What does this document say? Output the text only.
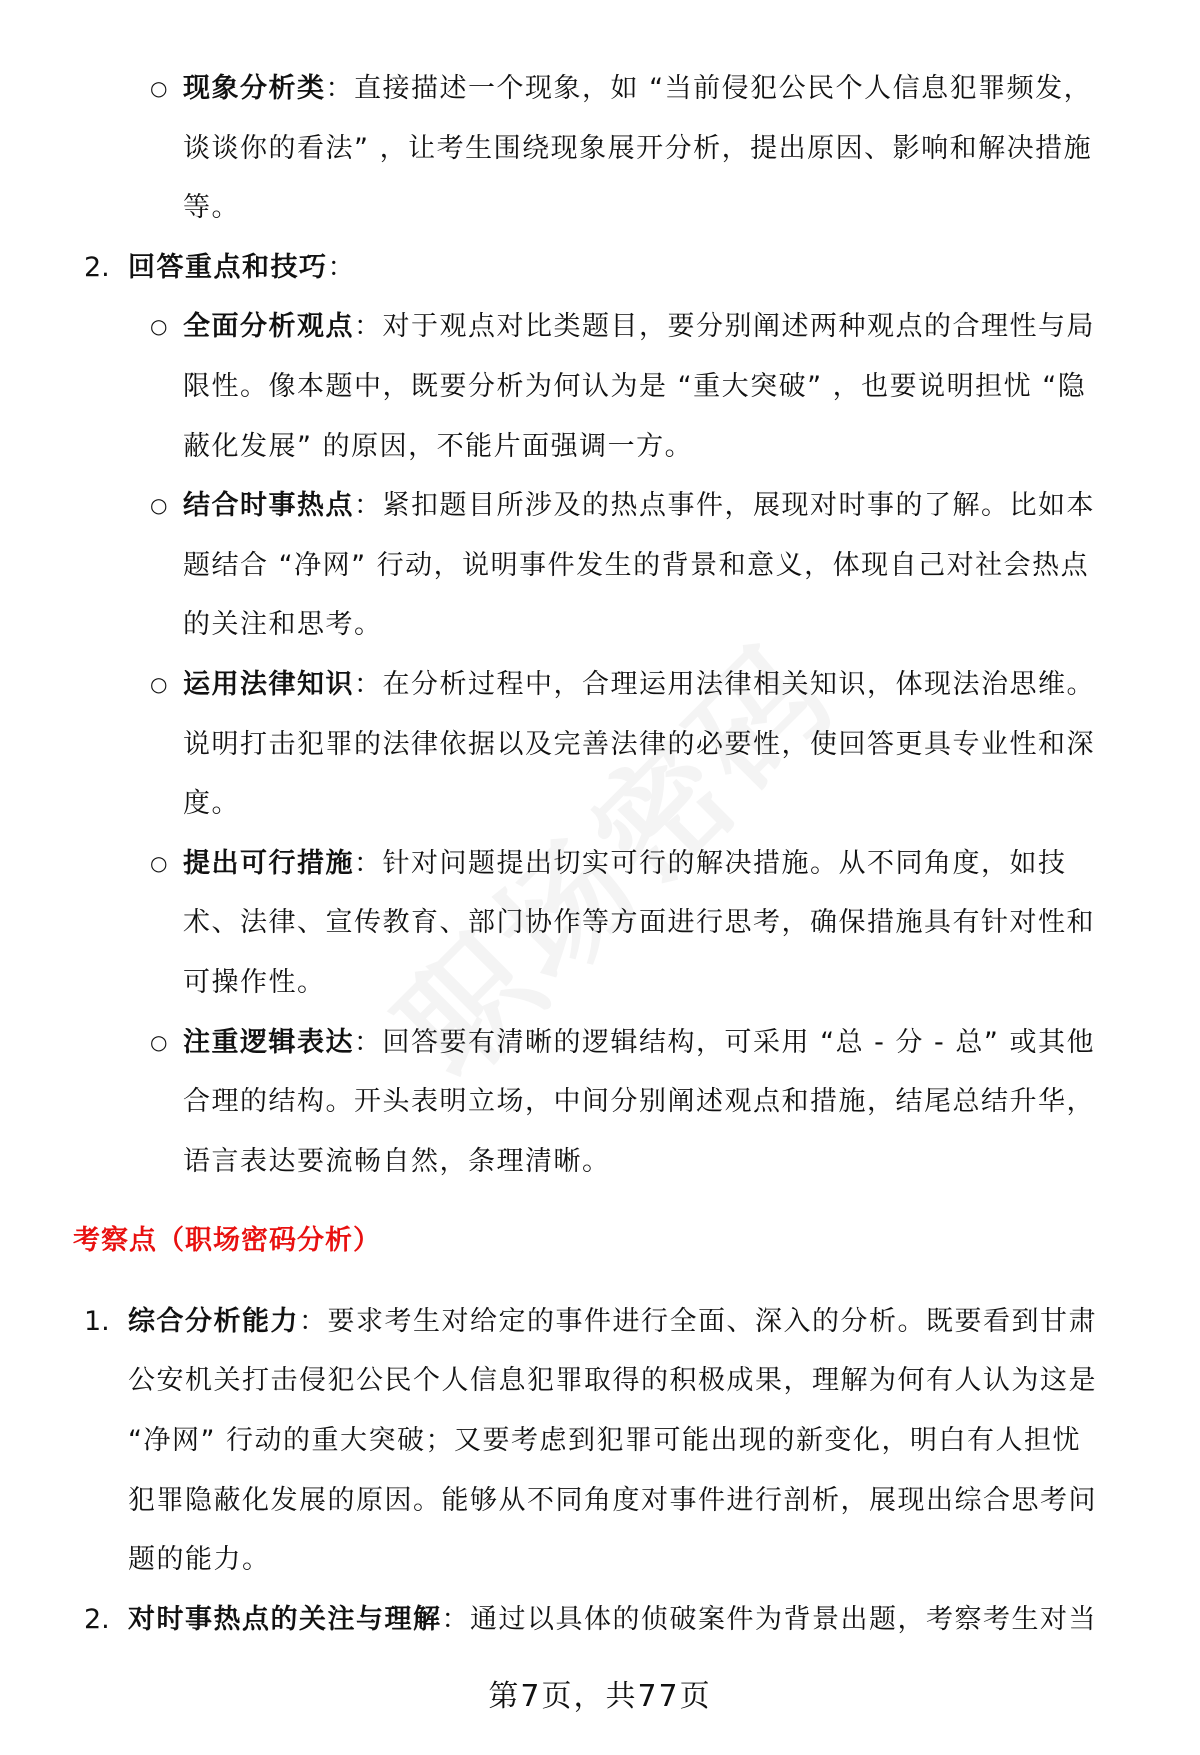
○ 现象分析类：直接描述一个现象，如 “当前侵犯公民个人信息犯罪频发，
谈谈你的看法” ，让考生围绕现象展开分析，提出原因、影响和解决措施
等。
2. 回答重点和技巧：
○ 全面分析观点：对于观点对比类题目，要分别阐述两种观点的合理性与局
限性。像本题中，既要分析为何认为是 “重大突破” ，也要说明担忧 “隐
蔽化发展” 的原因，不能片面强调一方。
○ 结合时事热点：紧扣题目所涉及的热点事件，展现对时事的了解。比如本
题结合 “净网” 行动，说明事件发生的背景和意义，体现自己对社会热点
的关注和思考。
○ 运用法律知识：在分析过程中，合理运用法律相关知识，体现法治思维。
说明打击犯罪的法律依据以及完善法律的必要性，使回答更具专业性和深
度。
○ 提出可行措施：针对问题提出切实可行的解决措施。从不同角度，如技
术、法律、宣传教育、部门协作等方面进行思考，确保措施具有针对性和
可操作性。
○ 注重逻辑表达：回答要有清晰的逻辑结构，可采用 “总 - 分 - 总” 或其他
合理的结构。开头表明立场，中间分别阐述观点和措施，结尾总结升华，
语言表达要流畅自然，条理清晰。
考察点（职场密码分析）
1. 综合分析能力：要求考生对给定的事件进行全面、深入的分析。既要看到甘肃
公安机关打击侵犯公民个人信息犯罪取得的积极成果，理解为何有人认为这是
“净网” 行动的重大突破；又要考虑到犯罪可能出现的新变化，明白有人担忧
犯罪隐蔽化发展的原因。能够从不同角度对事件进行剖析，展现出综合思考问
题的能力。
2. 对时事热点的关注与理解：通过以具体的侦破案件为背景出题，考察考生对当
第7页，共77页
